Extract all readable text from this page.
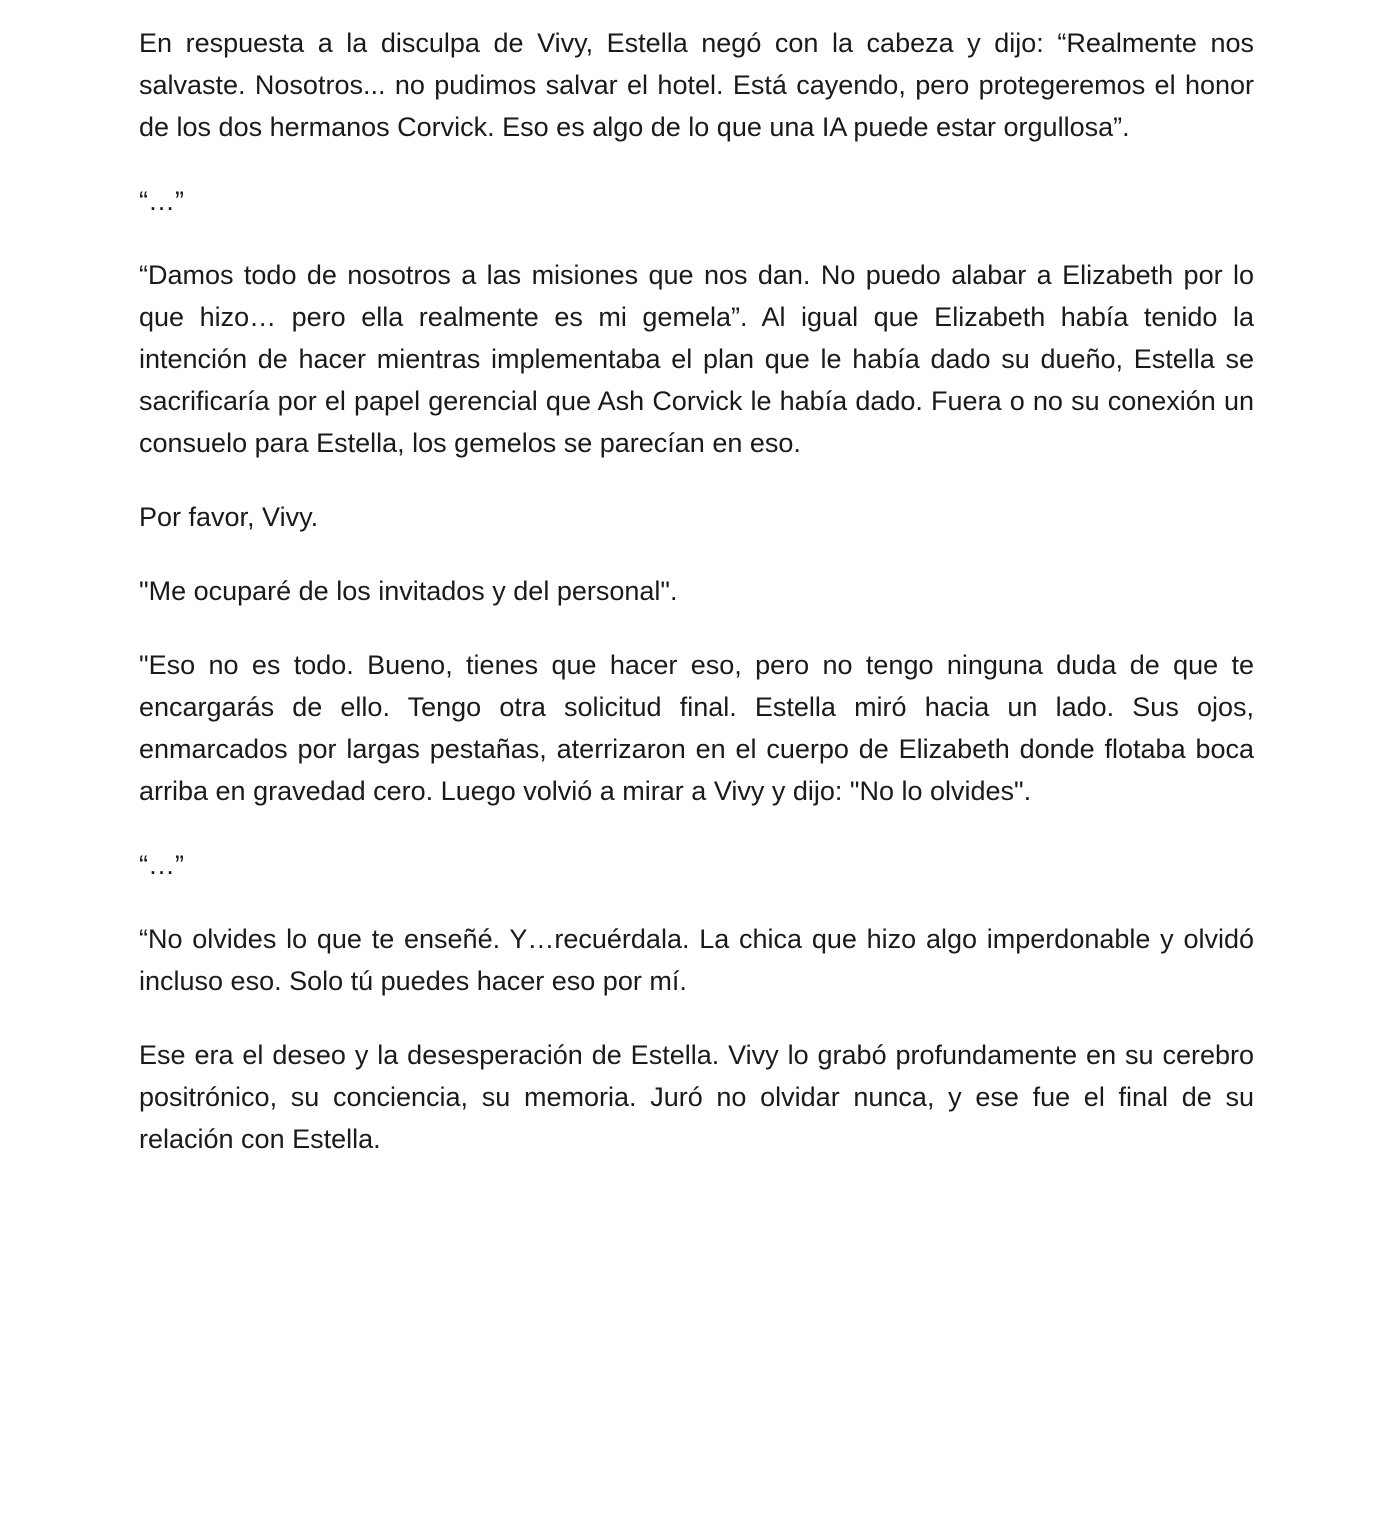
En respuesta a la disculpa de Vivy, Estella negó con la cabeza y dijo: “Realmente nos salvaste. Nosotros... no pudimos salvar el hotel. Está cayendo, pero protegeremos el honor de los dos hermanos Corvick. Eso es algo de lo que una IA puede estar orgullosa”.

“…”

“Damos todo de nosotros a las misiones que nos dan. No puedo alabar a Elizabeth por lo que hizo… pero ella realmente es mi gemela”. Al igual que Elizabeth había tenido la intención de hacer mientras implementaba el plan que le había dado su dueño, Estella se sacrificaría por el papel gerencial que Ash Corvick le había dado. Fuera o no su conexión un consuelo para Estella, los gemelos se parecían en eso.

Por favor, Vivy.

"Me ocuparé de los invitados y del personal".

"Eso no es todo. Bueno, tienes que hacer eso, pero no tengo ninguna duda de que te encargarás de ello. Tengo otra solicitud final. Estella miró hacia un lado. Sus ojos, enmarcados por largas pestañas, aterrizaron en el cuerpo de Elizabeth donde flotaba boca arriba en gravedad cero. Luego volvió a mirar a Vivy y dijo: "No lo olvides".

“…”

“No olvides lo que te enseñé. Y…recuérdala. La chica que hizo algo imperdonable y olvidó incluso eso. Solo tú puedes hacer eso por mí.

Ese era el deseo y la desesperación de Estella. Vivy lo grabó profundamente en su cerebro positrónico, su conciencia, su memoria. Juró no olvidar nunca, y ese fue el final de su relación con Estella.
